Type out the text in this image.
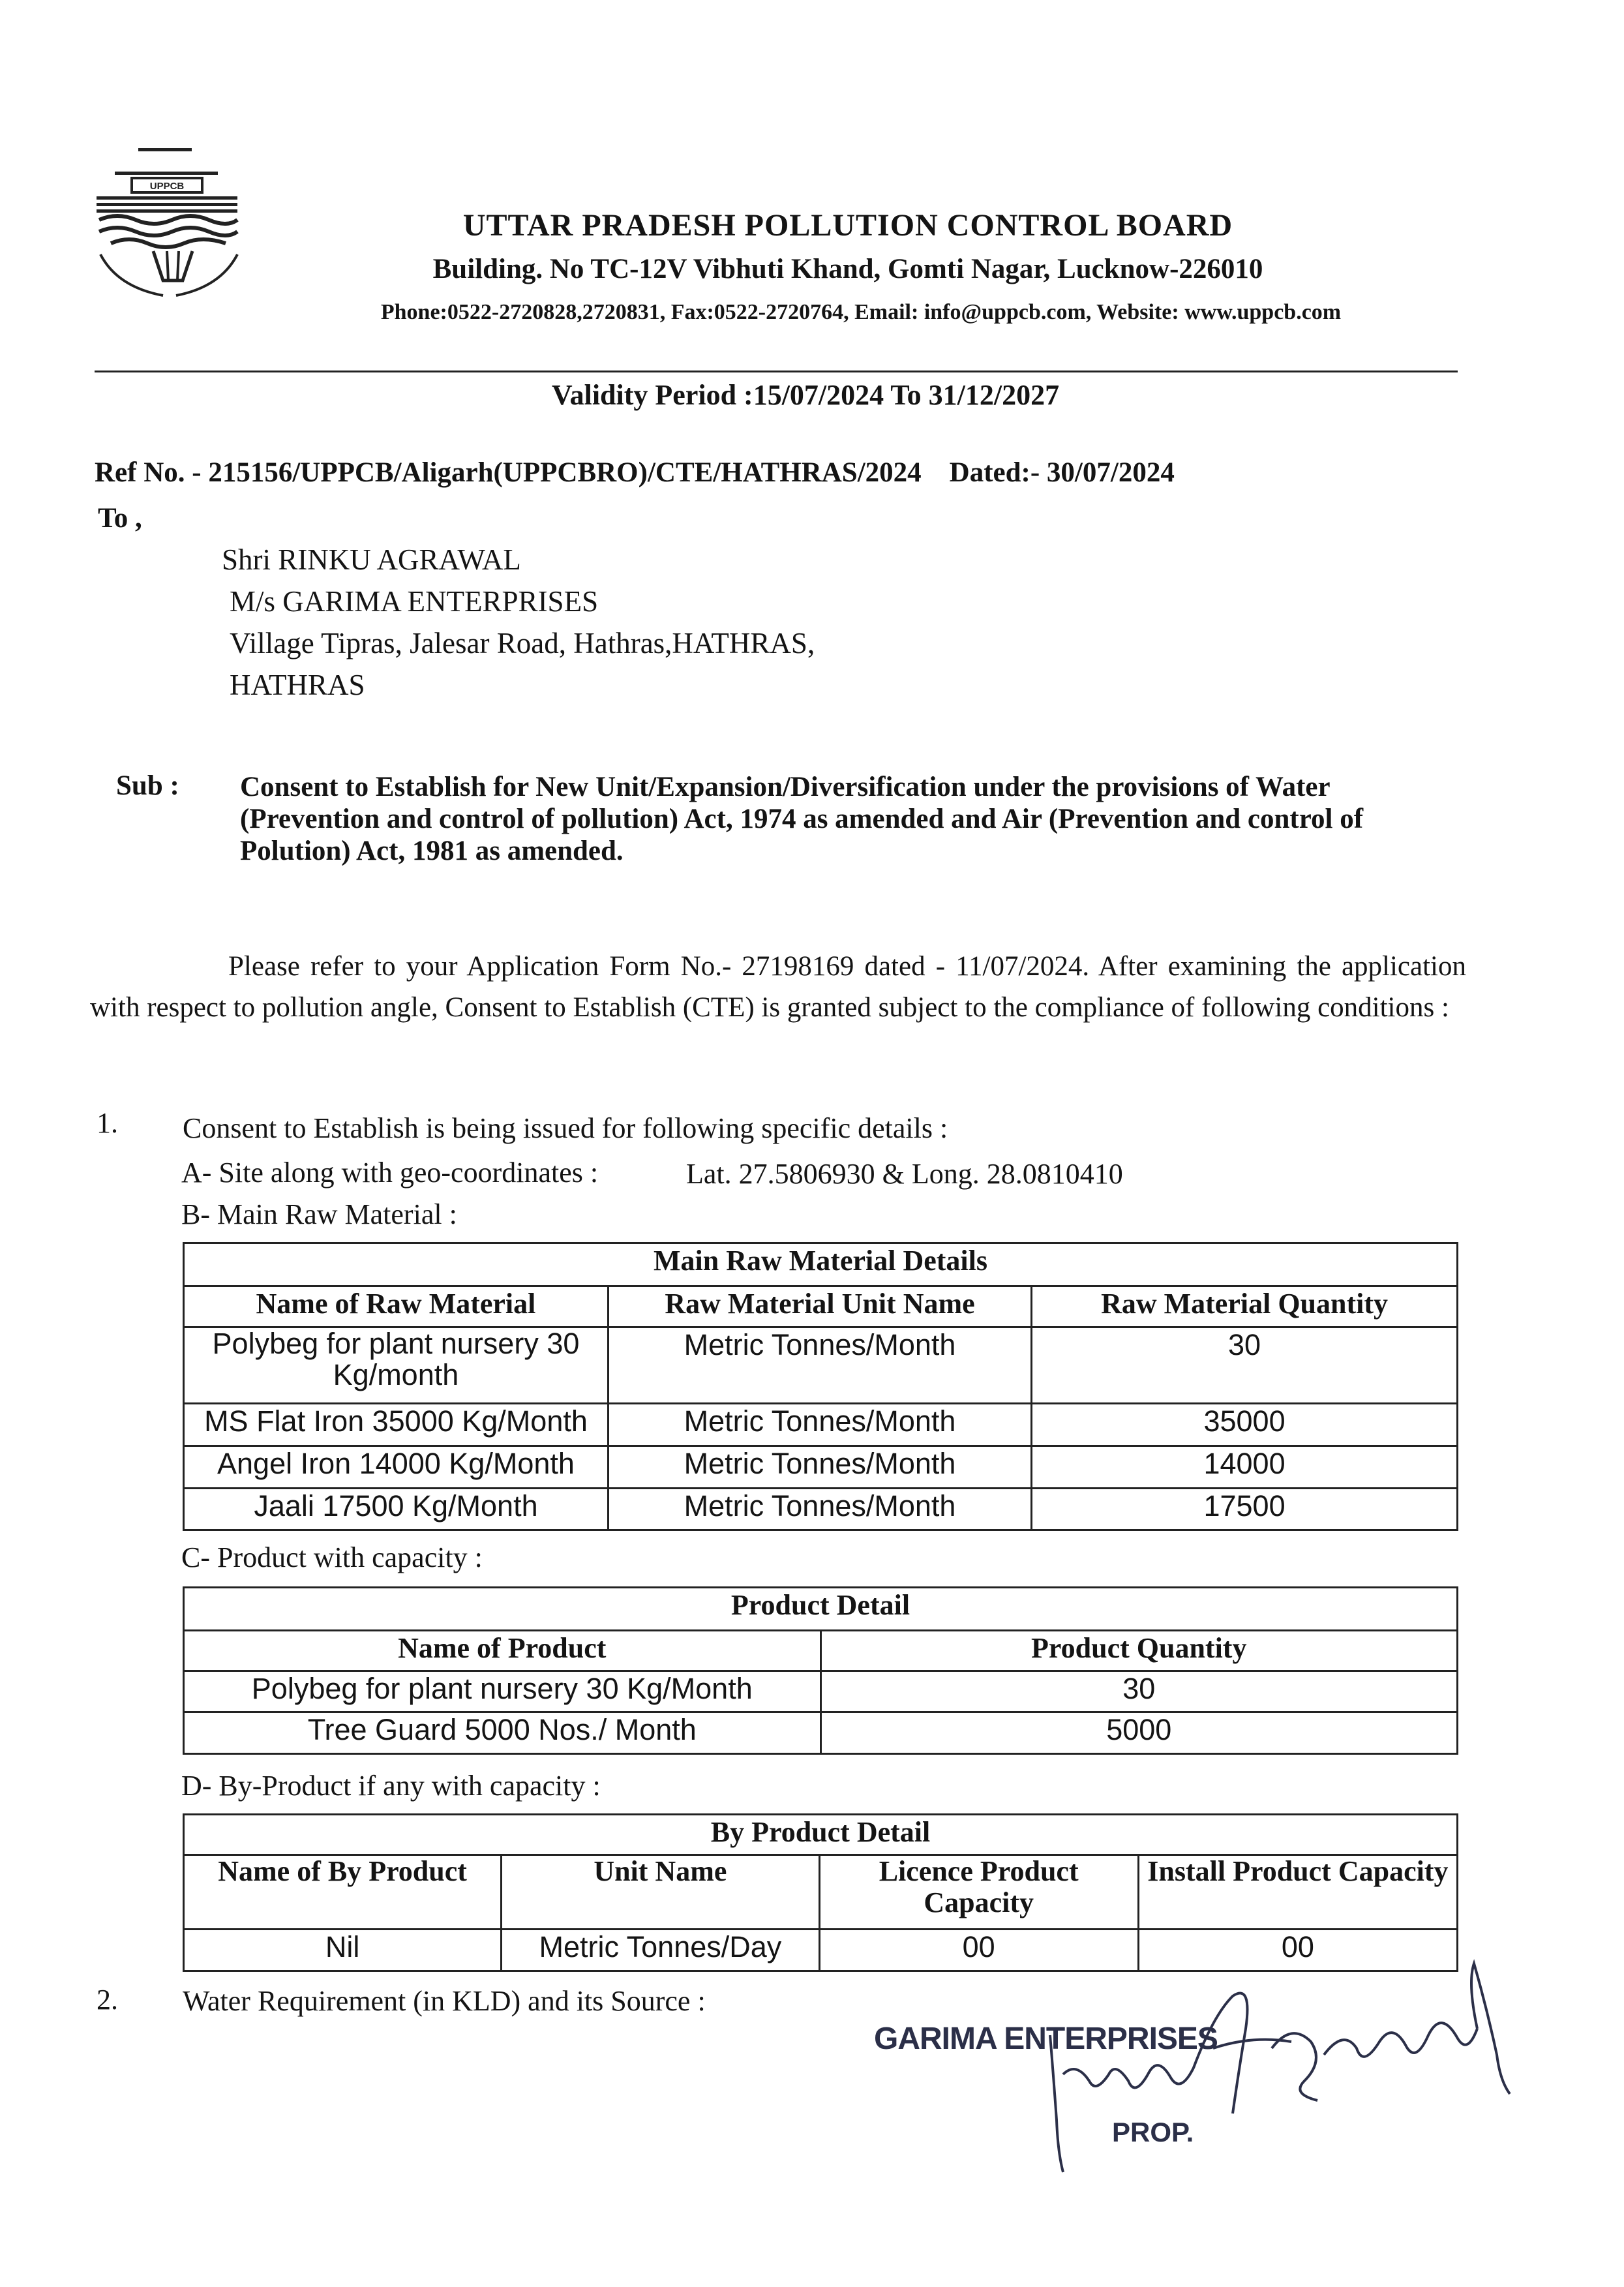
UPPCB
UTTAR PRADESH POLLUTION CONTROL BOARD
Building. No TC-12V Vibhuti Khand, Gomti Nagar, Lucknow-226010
Phone:0522-2720828,2720831, Fax:0522-2720764, Email: info@uppcb.com, Website: www.uppcb.com
Validity Period :15/07/2024 To 31/12/2027
Ref No. - 215156/UPPCB/Aligarh(UPPCBRO)/CTE/HATHRAS/2024    Dated:- 30/07/2024
To ,
Shri RINKU AGRAWAL
M/s GARIMA ENTERPRISES
Village Tipras, Jalesar Road, Hathras,HATHRAS,
HATHRAS
Sub : Consent to Establish for New Unit/Expansion/Diversification under the provisions of Water (Prevention and control of pollution) Act, 1974 as amended and Air (Prevention and control of Polution) Act, 1981 as amended.
Please refer to your Application Form No.- 27198169 dated - 11/07/2024. After examining the application with respect to pollution angle, Consent to Establish (CTE) is granted subject to the compliance of following conditions :
1. Consent to Establish is being issued for following specific details :
A- Site along with geo-coordinates :	Lat. 27.5806930 & Long. 28.0810410
B- Main Raw Material :
Main Raw Material Details		
Name of Raw Material	Raw Material Unit Name	Raw Material Quantity
Polybeg for plant nursery 30 Kg/month	Metric Tonnes/Month	30
MS Flat Iron 35000 Kg/Month	Metric Tonnes/Month	35000
Angel Iron 14000 Kg/Month	Metric Tonnes/Month	14000
Jaali 17500 Kg/Month	Metric Tonnes/Month	17500
C- Product with capacity :
Product Detail	
Name of Product	Product Quantity
Polybeg for plant nursery 30 Kg/Month	30
Tree Guard 5000 Nos./ Month	5000
D- By-Product if any with capacity :
By Product Detail			
Name of By Product	Unit Name	Licence Product Capacity	Install Product Capacity
Nil	Metric Tonnes/Day	00	00
2. Water Requirement (in KLD) and its Source :
GARIMA ENTERPRISES
PROP.
